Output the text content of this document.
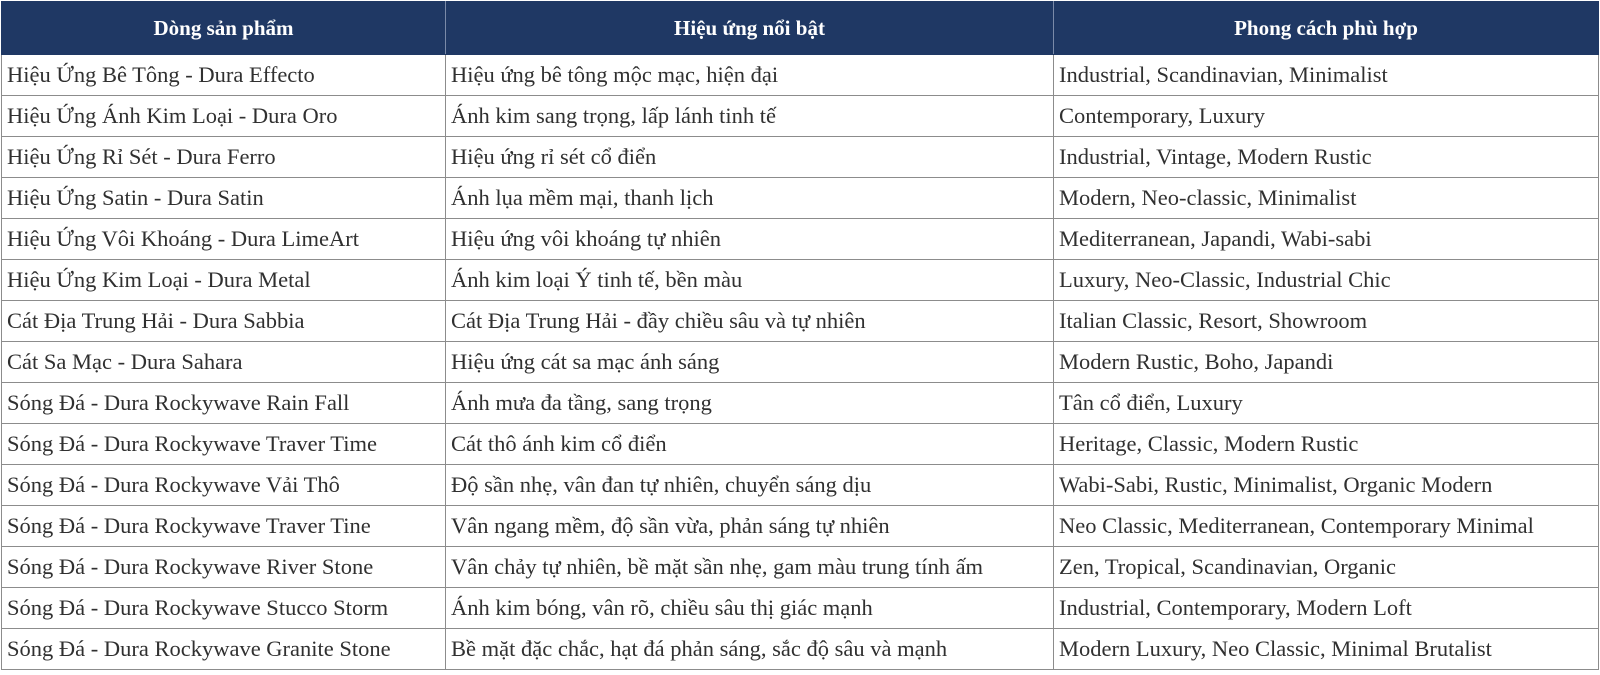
Dòng sản phẩm	Hiệu ứng nổi bật	Phong cách phù hợp
Hiệu Ứng Bê Tông - Dura Effecto	Hiệu ứng bê tông mộc mạc, hiện đại	Industrial, Scandinavian, Minimalist
Hiệu Ứng Ánh Kim Loại - Dura Oro	Ánh kim sang trọng, lấp lánh tinh tế	Contemporary, Luxury
Hiệu Ứng Rỉ Sét - Dura Ferro	Hiệu ứng rỉ sét cổ điển	Industrial, Vintage, Modern Rustic
Hiệu Ứng Satin - Dura Satin	Ánh lụa mềm mại, thanh lịch	Modern, Neo-classic, Minimalist
Hiệu Ứng Vôi Khoáng - Dura LimeArt	Hiệu ứng vôi khoáng tự nhiên	Mediterranean, Japandi, Wabi-sabi
Hiệu Ứng Kim Loại - Dura Metal	Ánh kim loại Ý tinh tế, bền màu	Luxury, Neo-Classic, Industrial Chic
Cát Địa Trung Hải - Dura Sabbia	Cát Địa Trung Hải - đầy chiều sâu và tự nhiên	Italian Classic, Resort, Showroom
Cát Sa Mạc - Dura Sahara	Hiệu ứng cát sa mạc ánh sáng	Modern Rustic, Boho, Japandi
Sóng Đá - Dura Rockywave Rain Fall	Ánh mưa đa tầng, sang trọng	Tân cổ điển, Luxury
Sóng Đá - Dura Rockywave Traver Time	Cát thô ánh kim cổ điển	Heritage, Classic, Modern Rustic
Sóng Đá - Dura Rockywave Vải Thô	Độ sần nhẹ, vân đan tự nhiên, chuyển sáng dịu	Wabi-Sabi, Rustic, Minimalist, Organic Modern
Sóng Đá - Dura Rockywave Traver Tine	Vân ngang mềm, độ sần vừa, phản sáng tự nhiên	Neo Classic, Mediterranean, Contemporary Minimal
Sóng Đá - Dura Rockywave River Stone	Vân chảy tự nhiên, bề mặt sần nhẹ, gam màu trung tính ấm	Zen, Tropical, Scandinavian, Organic
Sóng Đá - Dura Rockywave Stucco Storm	Ánh kim bóng, vân rõ, chiều sâu thị giác mạnh	Industrial, Contemporary, Modern Loft
Sóng Đá - Dura Rockywave Granite Stone	Bề mặt đặc chắc, hạt đá phản sáng, sắc độ sâu và mạnh	Modern Luxury, Neo Classic, Minimal Brutalist
